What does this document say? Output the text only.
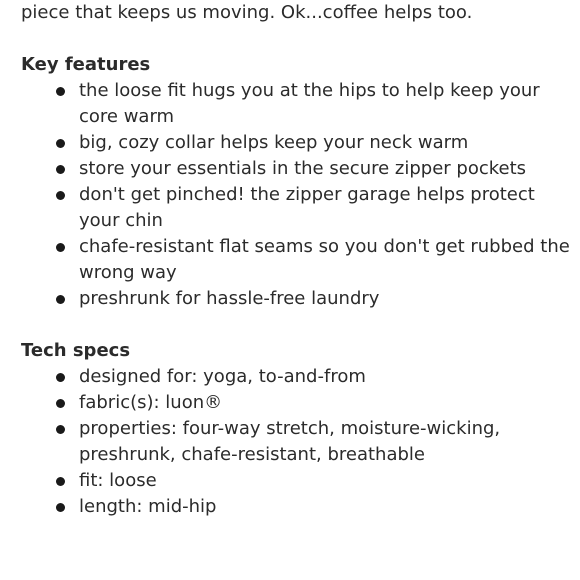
piece that keeps us moving. Ok...coffee helps too.

Key features
the loose fit hugs you at the hips to help keep your core warm
big, cozy collar helps keep your neck warm
store your essentials in the secure zipper pockets
don't get pinched! the zipper garage helps protect your chin
chafe-resistant flat seams so you don't get rubbed the wrong way
preshrunk for hassle-free laundry
Tech specs
designed for: yoga, to-and-from
fabric(s): luon®
properties: four-way stretch, moisture-wicking, preshrunk, chafe-resistant, breathable
fit: loose
length: mid-hip
